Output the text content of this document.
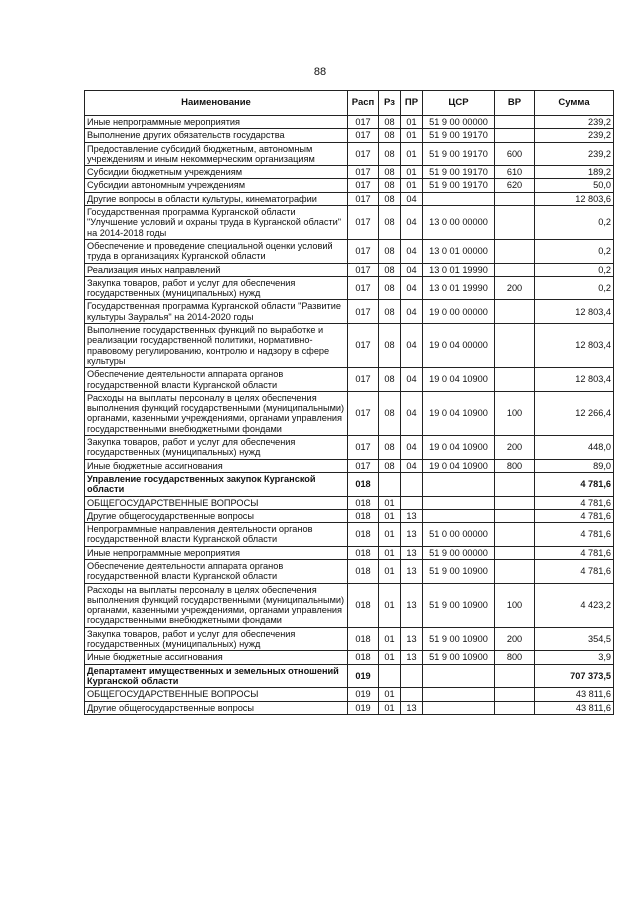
88
Наименование	Расп	Рз	ПР	ЦСР	ВР	Сумма
Иные непрограммные мероприятия	017	08	01	51 9 00 00000		239,2
Выполнение других обязательств государства	017	08	01	51 9 00 19170		239,2
Предоставление субсидий бюджетным, автономным учреждениям и иным некоммерческим организациям	017	08	01	51 9 00 19170	600	239,2
Субсидии бюджетным учреждениям	017	08	01	51 9 00 19170	610	189,2
Субсидии автономным учреждениям	017	08	01	51 9 00 19170	620	50,0
Другие вопросы в области культуры, кинематографии	017	08	04			12 803,6
Государственная программа Курганской области "Улучшение условий и охраны труда в Курганской области" на 2014-2018 годы	017	08	04	13 0 00 00000		0,2
Обеспечение и проведение специальной оценки условий труда в организациях Курганской области	017	08	04	13 0 01 00000		0,2
Реализация иных направлений	017	08	04	13 0 01 19990		0,2
Закупка товаров, работ и услуг для обеспечения государственных (муниципальных) нужд	017	08	04	13 0 01 19990	200	0,2
Государственная программа Курганской области "Развитие культуры Зауралья" на 2014-2020 годы	017	08	04	19 0 00 00000		12 803,4
Выполнение государственных функций по выработке и реализации государственной политики, нормативно-правовому регулированию, контролю и надзору в сфере культуры	017	08	04	19 0 04 00000		12 803,4
Обеспечение деятельности аппарата органов государственной власти Курганской области	017	08	04	19 0 04 10900		12 803,4
Расходы на выплаты персоналу в целях обеспечения выполнения функций государственными (муниципальными) органами, казенными учреждениями, органами управления государственными внебюджетными фондами	017	08	04	19 0 04 10900	100	12 266,4
Закупка товаров, работ и услуг для обеспечения государственных (муниципальных) нужд	017	08	04	19 0 04 10900	200	448,0
Иные бюджетные ассигнования	017	08	04	19 0 04 10900	800	89,0
Управление государственных закупок Курганской области	018					4 781,6
ОБЩЕГОСУДАРСТВЕННЫЕ ВОПРОСЫ	018	01				4 781,6
Другие общегосударственные вопросы	018	01	13			4 781,6
Непрограммные направления деятельности органов государственной власти Курганской области	018	01	13	51 0 00 00000		4 781,6
Иные непрограммные мероприятия	018	01	13	51 9 00 00000		4 781,6
Обеспечение деятельности аппарата органов государственной власти Курганской области	018	01	13	51 9 00 10900		4 781,6
Расходы на выплаты персоналу в целях обеспечения выполнения функций государственными (муниципальными) органами, казенными учреждениями, органами управления государственными внебюджетными фондами	018	01	13	51 9 00 10900	100	4 423,2
Закупка товаров, работ и услуг для обеспечения государственных (муниципальных) нужд	018	01	13	51 9 00 10900	200	354,5
Иные бюджетные ассигнования	018	01	13	51 9 00 10900	800	3,9
Департамент имущественных и земельных отношений Курганской области	019					707 373,5
ОБЩЕГОСУДАРСТВЕННЫЕ ВОПРОСЫ	019	01				43 811,6
Другие общегосударственные вопросы	019	01	13			43 811,6
